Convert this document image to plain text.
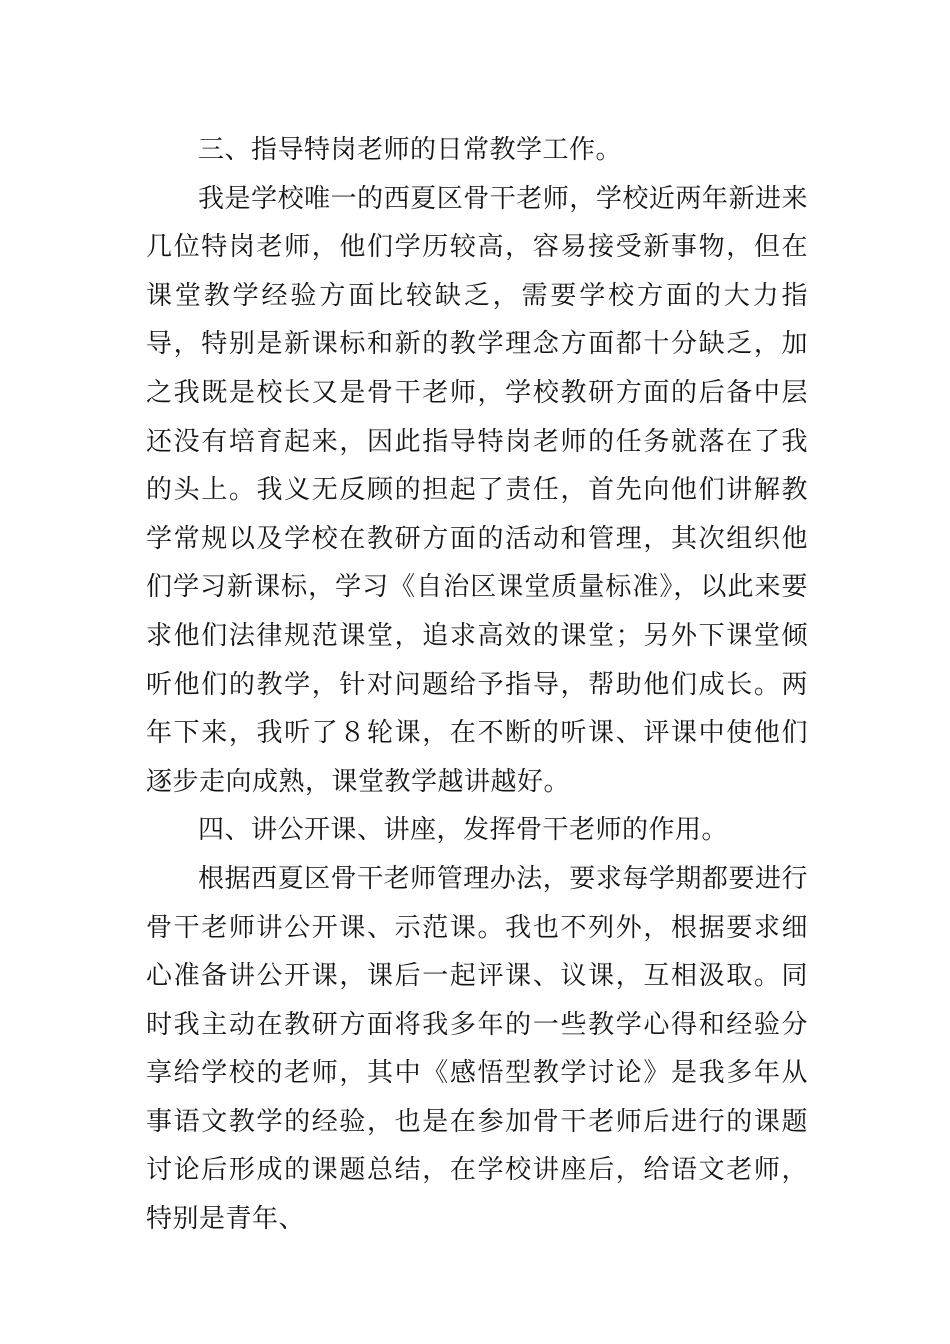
三、指导特岗老师的日常教学工作。

我是学校唯一的西夏区骨干老师，学校近两年新进来几位特岗老师，他们学历较高，容易接受新事物，但在课堂教学经验方面比较缺乏，需要学校方面的大力指导，特别是新课标和新的教学理念方面都十分缺乏，加之我既是校长又是骨干老师，学校教研方面的后备中层还没有培育起来，因此指导特岗老师的任务就落在了我的头上。我义无反顾的担起了责任，首先向他们讲解教学常规以及学校在教研方面的活动和管理，其次组织他们学习新课标，学习《自治区课堂质量标准》，以此来要求他们法律规范课堂，追求高效的课堂；另外下课堂倾听他们的教学，针对问题给予指导，帮助他们成长。两年下来，我听了８轮课，在不断的听课、评课中使他们逐步走向成熟，课堂教学越讲越好。

四、讲公开课、讲座，发挥骨干老师的作用。

根据西夏区骨干老师管理办法，要求每学期都要进行骨干老师讲公开课、示范课。我也不列外，根据要求细心准备讲公开课，课后一起评课、议课，互相汲取。同时我主动在教研方面将我多年的一些教学心得和经验分享给学校的老师，其中《感悟型教学讨论》是我多年从事语文教学的经验，也是在参加骨干老师后进行的课题讨论后形成的课题总结，在学校讲座后，给语文老师，特别是青年、
